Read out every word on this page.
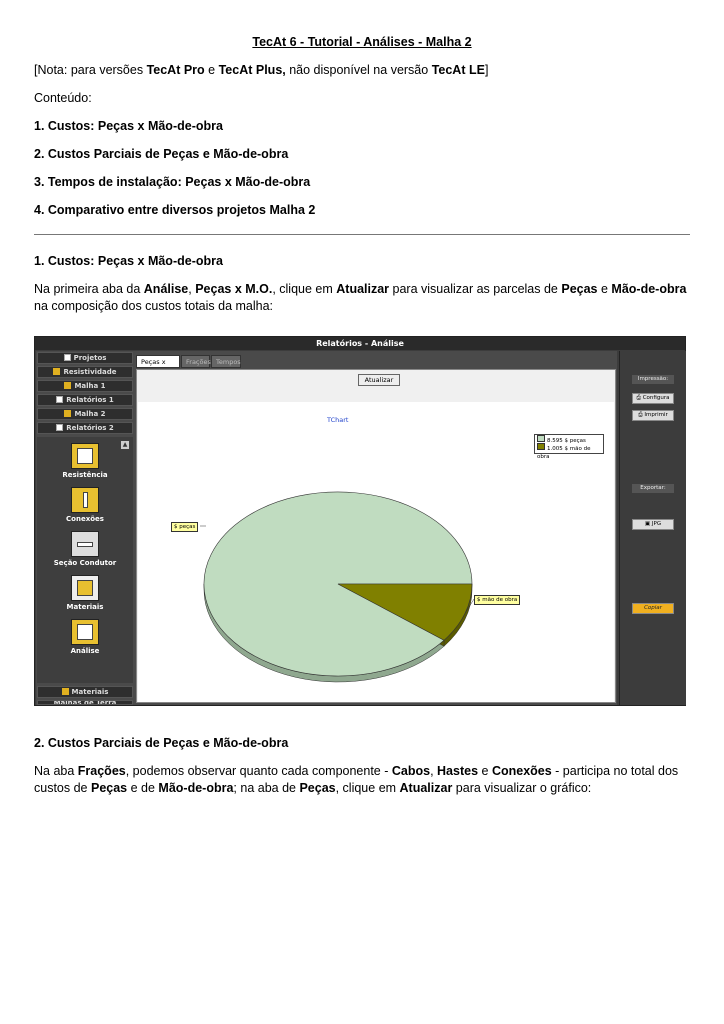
TecAt 6 - Tutorial - Análises - Malha 2
[Nota: para versões TecAt Pro e TecAt Plus, não disponível na versão TecAt LE]
Conteúdo:
1. Custos: Peças x Mão-de-obra
2. Custos Parciais de Peças e Mão-de-obra
3. Tempos de instalação: Peças x Mão-de-obra
4. Comparativo entre diversos projetos Malha 2
1. Custos: Peças x Mão-de-obra
Na primeira aba da Análise, Peças x M.O., clique em Atualizar para visualizar as parcelas de Peças e Mão-de-obra na composição dos custos totais da malha:
Relatórios - Análise
Projetos
Resistividade
Malha 1
Relatórios 1
Malha 2
Relatórios 2
▲
Resistência
Conexões
Seção Condutor
Materiais
Análise
Materiais
Malhas de Terra
Peças x	Frações Tempos
Atualizar
TChart
8.595 $ peças
1.005 $ mão de obra
$ peças
$ mão de obra
Impressão:
⎙ Configura
⎙ Imprimir
Exportar:
▣ JPG
Copiar
2. Custos Parciais de Peças e Mão-de-obra
Na aba Frações, podemos observar quanto cada componente - Cabos, Hastes e Conexões - participa no total dos custos de Peças e de Mão-de-obra; na aba de Peças, clique em Atualizar para visualizar o gráfico:
